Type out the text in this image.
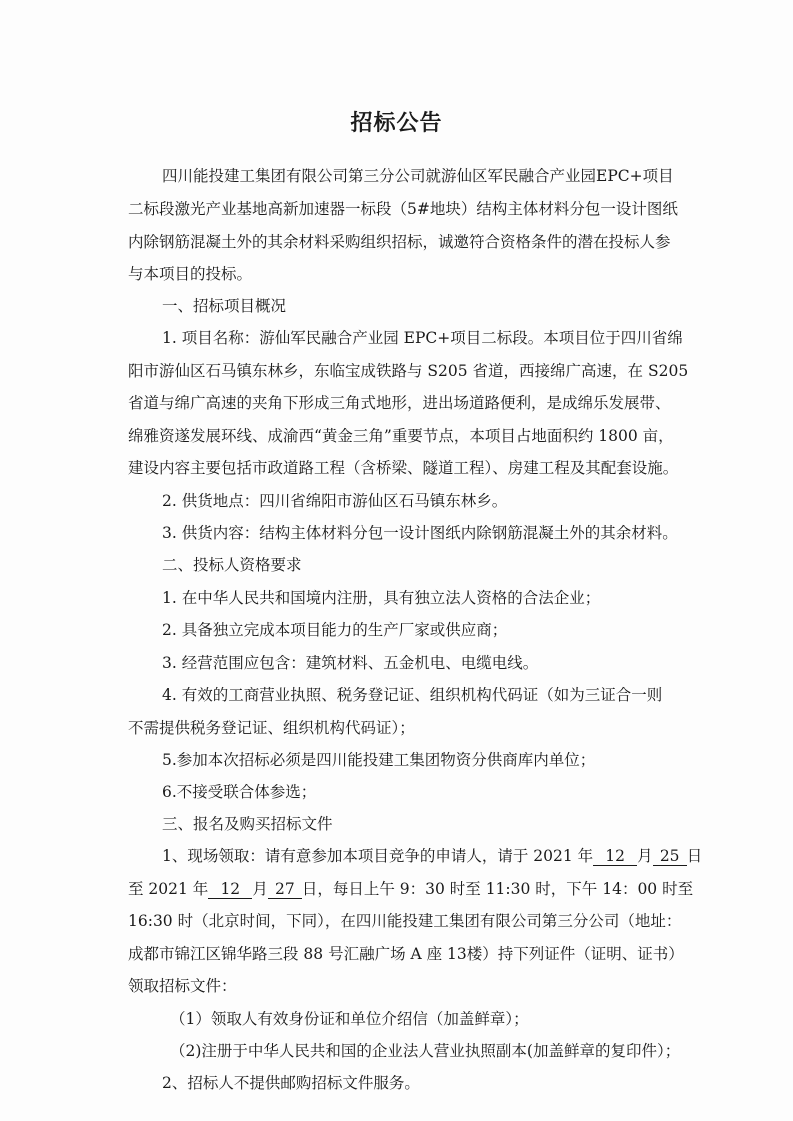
招标公告

四川能投建工集团有限公司第三分公司就游仙区军民融合产业园EPC+项目

二标段激光产业基地高新加速器一标段（5#地块）结构主体材料分包一设计图纸

内除钢筋混凝土外的其余材料采购组织招标，诚邀符合资格条件的潜在投标人参

与本项目的投标。

一、招标项目概况

1. 项目名称：游仙军民融合产业园 EPC+项目二标段。本项目位于四川省绵

阳市游仙区石马镇东林乡，东临宝成铁路与 S205 省道，西接绵广高速，在 S205

省道与绵广高速的夹角下形成三角式地形，进出场道路便利，是成绵乐发展带、

绵雅资遂发展环线、成渝西“黄金三角”重要节点，本项目占地面积约 1800 亩，

建设内容主要包括市政道路工程（含桥梁、隧道工程）、房建工程及其配套设施。

2. 供货地点：四川省绵阳市游仙区石马镇东林乡。

3. 供货内容：结构主体材料分包一设计图纸内除钢筋混凝土外的其余材料。

二、投标人资格要求

1. 在中华人民共和国境内注册，具有独立法人资格的合法企业；

2. 具备独立完成本项目能力的生产厂家或供应商；

3. 经营范围应包含：建筑材料、五金机电、电缆电线。

4. 有效的工商营业执照、税务登记证、组织机构代码证（如为三证合一则

不需提供税务登记证、组织机构代码证）；

5.参加本次招标必须是四川能投建工集团物资分供商库内单位；

6.不接受联合体参选；

三、报名及购买招标文件

1、现场领取：请有意参加本项目竞争的申请人，请于 2021 年 12 月 25 日

至 2021 年 12 月 27 日，每日上午 9：30 时至 11:30 时，下午 14：00 时至

16:30 时（北京时间，下同），在四川能投建工集团有限公司第三分公司（地址：

成都市锦江区锦华路三段 88 号汇融广场 A 座 13楼）持下列证件（证明、证书）

领取招标文件：

（1）领取人有效身份证和单位介绍信（加盖鲜章）；

（2)注册于中华人民共和国的企业法人营业执照副本(加盖鲜章的复印件）；

2、招标人不提供邮购招标文件服务。
